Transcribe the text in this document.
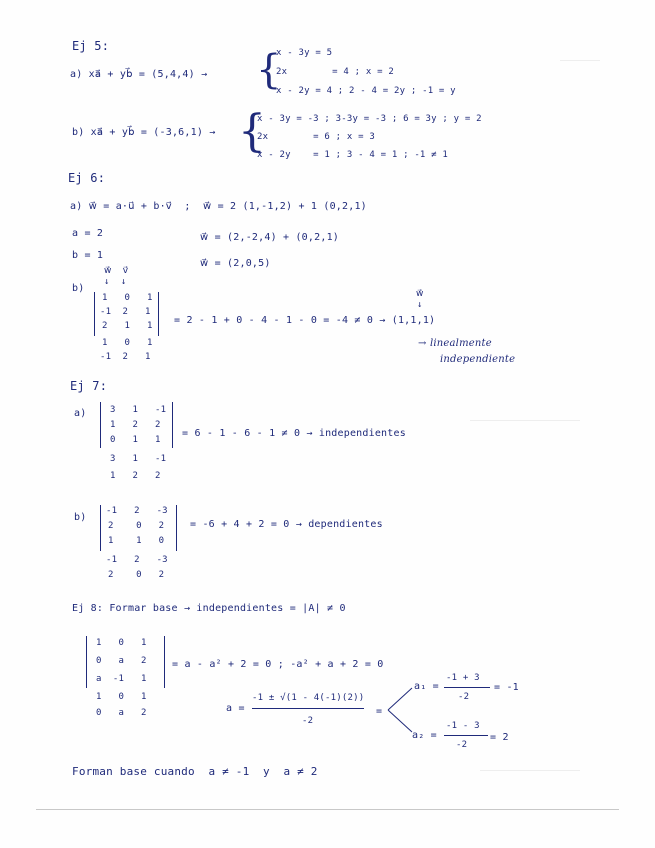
Ej 5:
a) xa⃗ + yb⃗ = (5,4,4) → {
x - 3y = 5
2x        = 4 ; x = 2
x - 2y = 4 ; 2 - 4 = 2y ; -1 = y
b) xa⃗ + yb⃗ = (-3,6,1) → {
x - 3y = -3 ; 3-3y = -3 ; 6 = 3y ; y = 2
2x        = 6 ; x = 3
x - 2y    = 1 ; 3 - 4 = 1 ; -1 ≠ 1
Ej 6:
a) w⃗ = a·u⃗ + b·v⃗  ;  w⃗ = 2 (1,-1,2) + 1 (0,2,1)
a = 2	w⃗ = (2,-2,4) + (0,2,1)
b = 1
w⃗ = (2,0,5)
w⃗  v⃗
↓  ↓
b)
1   0   1
-1  2   1
2   1   1
1   0   1
-1  2   1
= 2 - 1 + 0 - 4 - 1 - 0 = -4 ≠ 0 → (1,1,1)
w⃗
↓
→ linealmente
independiente
Ej 7:
a)	3   1   -1
1   2   2
0   1   1
3   1   -1
1   2   2
= 6 - 1 - 6 - 1 ≠ 0 → independientes
b)
-1   2   -3
2    0   2
1    1   0
-1   2   -3
2    0   2
= -6 + 4 + 2 = 0 → dependientes
Ej 8: Formar base → independientes = |A| ≠ 0
1   0   1
0   a   2
a  -1   1
1   0   1
0   a   2
= a - a² + 2 = 0 ; -a² + a + 2 = 0
a =
-1 ± √(1 - 4(-1)(2))
-2
=
a₁ =
-1 + 3
-2
= -1
a₂ =
-1 - 3
-2
= 2
Forman base cuando  a ≠ -1  y  a ≠ 2
